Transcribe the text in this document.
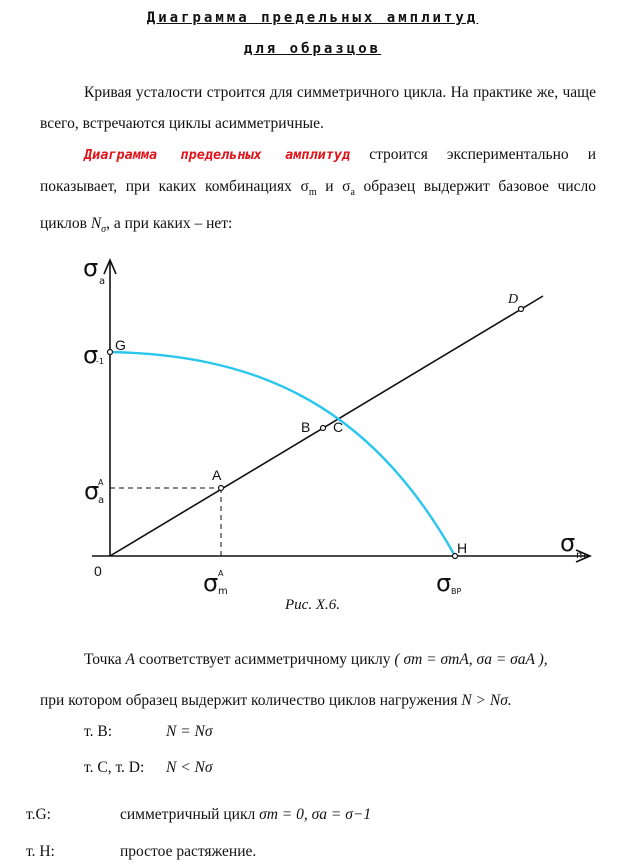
Диаграмма предельных амплитуд
для образцов
Кривая усталости строится для симметричного цикла. На практике же, чаще всего, встречаются циклы асимметричные.
Диаграмма предельных амплитуд строится экспериментально и показывает, при каких комбинациях $\sigma_m$ и $\sigma_a$ образец выдержит базовое число циклов $N_\sigma$, а при каких – нет:
σ a
σ m
0
σ
-1
σ
A
a
σ A
m	σ BP
G
A
B C
D
H
Рис. X.6.
Точка A соответствует асимметричному циклу ( σm = σmA, σa = σaA ),
при котором образец выдержит количество циклов нагружения N > Nσ.
т. B:	N = Nσ
т. C, т. D: N < Nσ
т.G:	симметричный цикл σm = 0, σa = σ−1
т. H:	простое растяжение.
